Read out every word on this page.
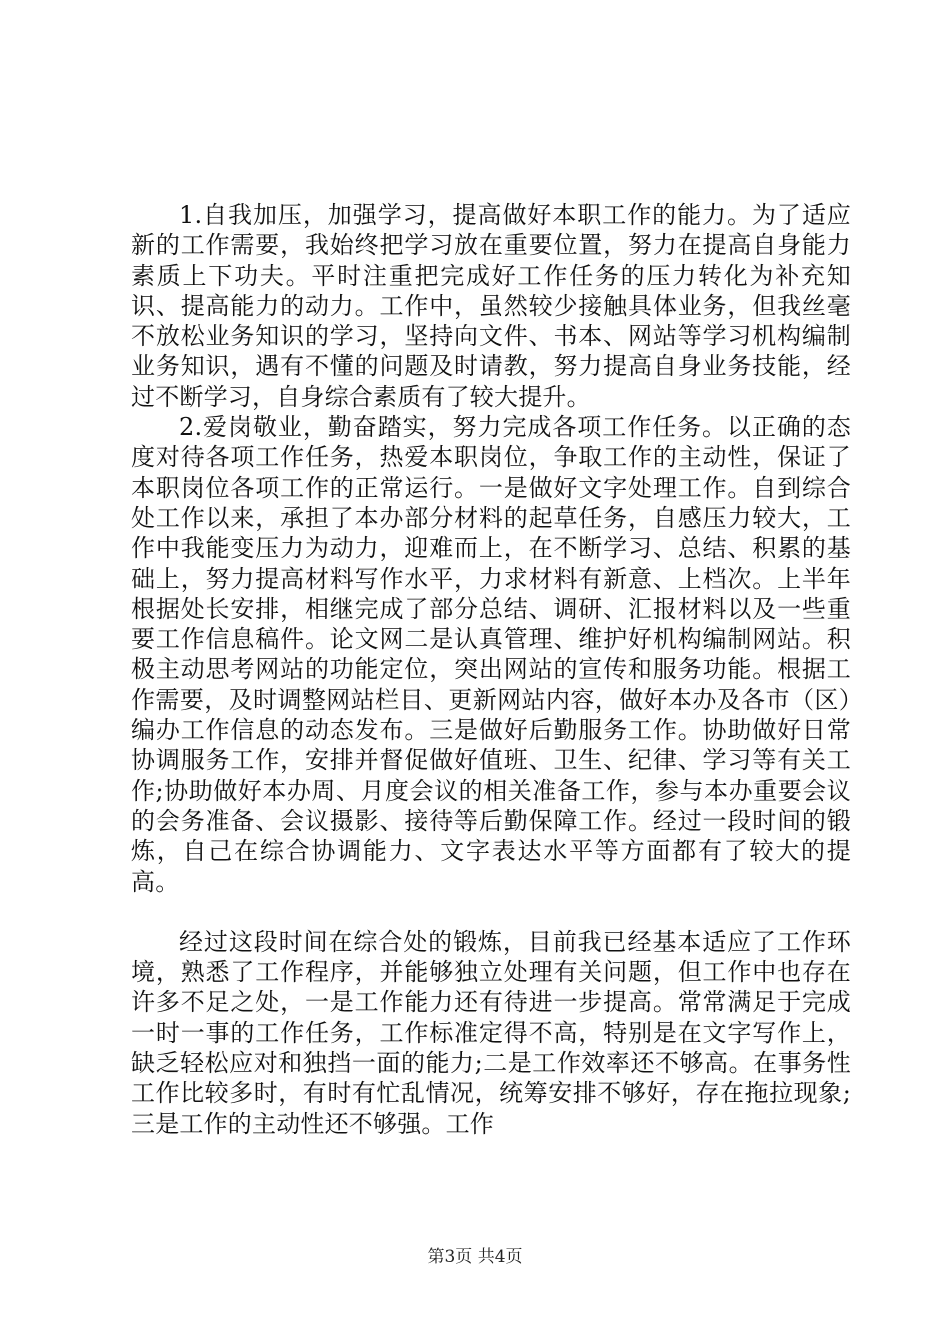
1.自我加压，加强学习，提高做好本职工作的能力。为了适应新的工作需要，我始终把学习放在重要位置，努力在提高自身能力素质上下功夫。平时注重把完成好工作任务的压力转化为补充知识、提高能力的动力。工作中，虽然较少接触具体业务，但我丝毫不放松业务知识的学习，坚持向文件、书本、网站等学习机构编制业务知识，遇有不懂的问题及时请教，努力提高自身业务技能，经过不断学习，自身综合素质有了较大提升。

2.爱岗敬业，勤奋踏实，努力完成各项工作任务。以正确的态度对待各项工作任务，热爱本职岗位，争取工作的主动性，保证了本职岗位各项工作的正常运行。一是做好文字处理工作。自到综合处工作以来，承担了本办部分材料的起草任务，自感压力较大，工作中我能变压力为动力，迎难而上，在不断学习、总结、积累的基础上，努力提高材料写作水平，力求材料有新意、上档次。上半年根据处长安排，相继完成了部分总结、调研、汇报材料以及一些重要工作信息稿件。论文网二是认真管理、维护好机构编制网站。积极主动思考网站的功能定位，突出网站的宣传和服务功能。根据工作需要，及时调整网站栏目、更新网站内容，做好本办及各市（区）编办工作信息的动态发布。三是做好后勤服务工作。协助做好日常协调服务工作，安排并督促做好值班、卫生、纪律、学习等有关工作;协助做好本办周、月度会议的相关准备工作，参与本办重要会议的会务准备、会议摄影、接待等后勤保障工作。经过一段时间的锻炼，自己在综合协调能力、文字表达水平等方面都有了较大的提高。

经过这段时间在综合处的锻炼，目前我已经基本适应了工作环境，熟悉了工作程序，并能够独立处理有关问题，但工作中也存在许多不足之处，一是工作能力还有待进一步提高。常常满足于完成一时一事的工作任务，工作标准定得不高，特别是在文字写作上，缺乏轻松应对和独挡一面的能力;二是工作效率还不够高。在事务性工作比较多时，有时有忙乱情况，统筹安排不够好，存在拖拉现象;三是工作的主动性还不够强。工作

第3页 共4页
